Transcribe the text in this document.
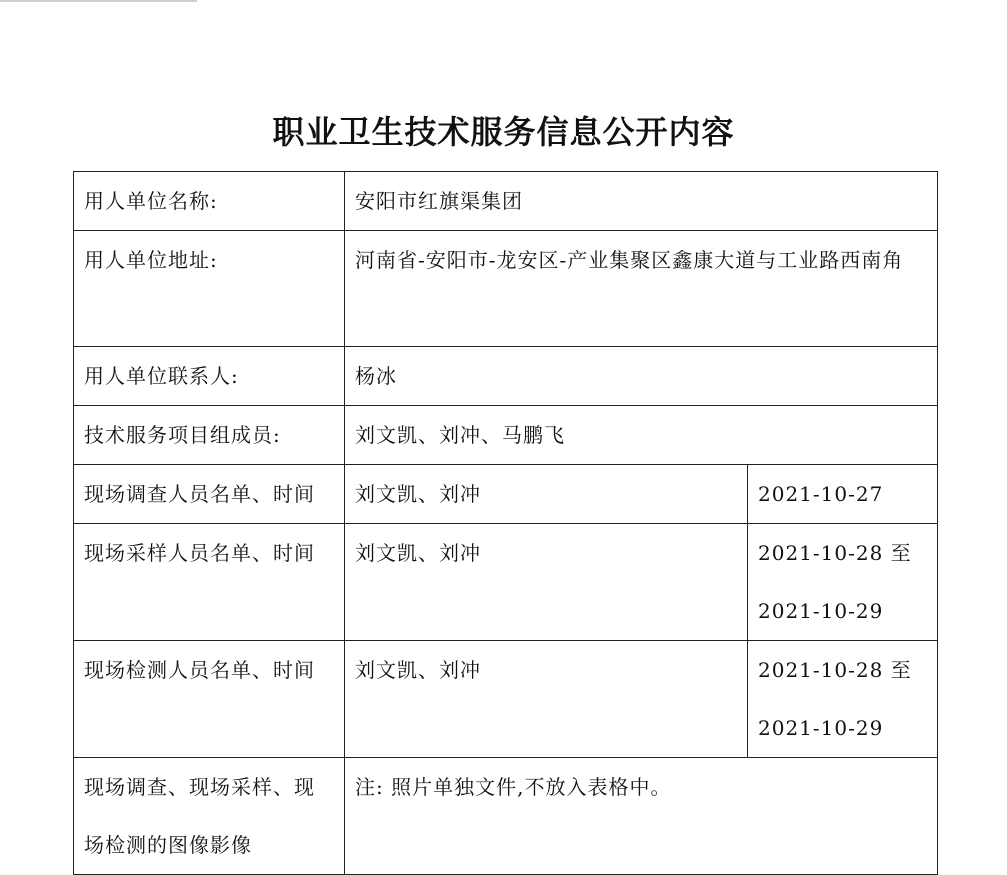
职业卫生技术服务信息公开内容
用人单位名称:	安阳市红旗渠集团	
用人单位地址:	河南省-安阳市-龙安区-产业集聚区鑫康大道与工业路西南角	
用人单位联系人:	杨冰	
技术服务项目组成员:	刘文凯、刘冲、马鹏飞	
现场调查人员名单、时间	刘文凯、刘冲	2021-10-27
现场采样人员名单、时间	刘文凯、刘冲	2021-10-28 至
2021-10-29

现场检测人员名单、时间	刘文凯、刘冲	2021-10-28 至
2021-10-29

现场调查、现场采样、现场检测的图像影像	注: 照片单独文件,不放入表格中。	
